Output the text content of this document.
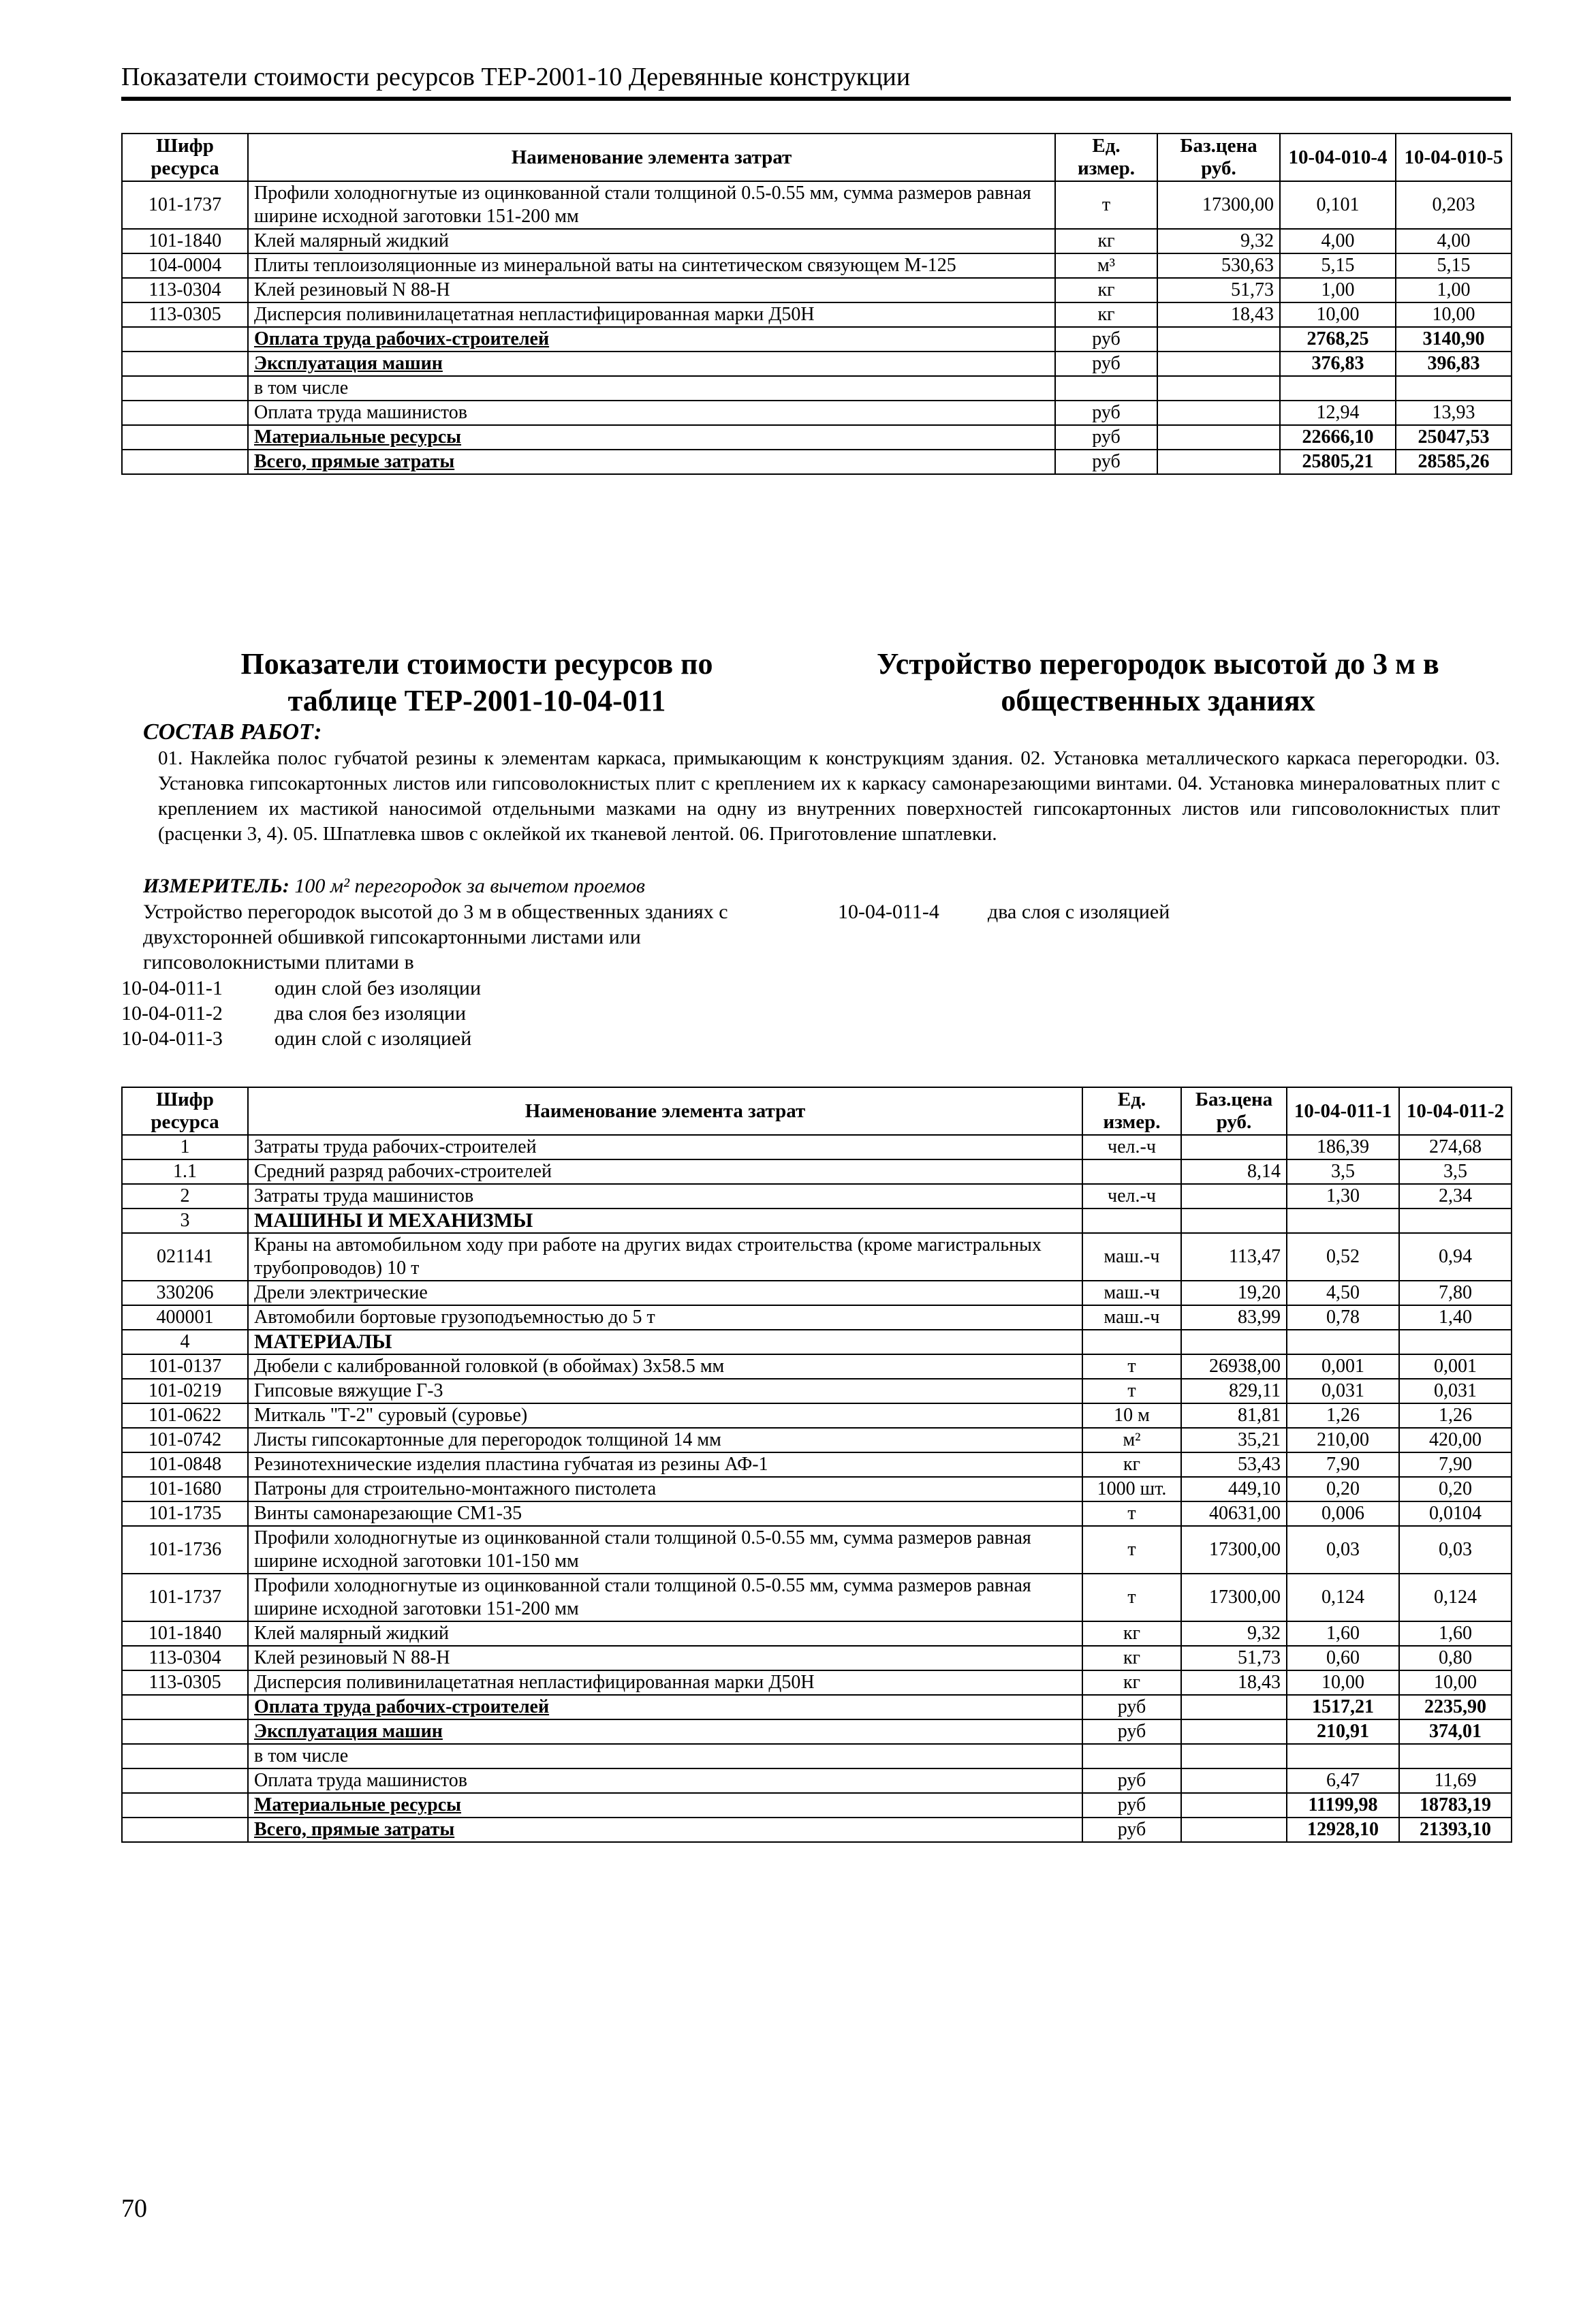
Показатели стоимости ресурсов ТЕР-2001-10 Деревянные конструкции
Шифр ресурса	Наименование элемента затрат	Ед. измер.	Баз.цена руб.	10-04-010-4	10-04-010-5
101-1737	Профили холодногнутые из оцинкованной стали толщиной 0.5-0.55 мм, сумма размеров равная ширине исходной заготовки 151-200 мм	т	17300,00	0,101	0,203
101-1840	Клей малярный жидкий	кг	9,32	4,00	4,00
104-0004	Плиты теплоизоляционные из минеральной ваты на синтетическом связующем М-125	м³	530,63	5,15	5,15
113-0304	Клей резиновый N 88-Н	кг	51,73	1,00	1,00
113-0305	Дисперсия поливинилацетатная непластифицированная марки Д50Н	кг	18,43	10,00	10,00
	Оплата труда рабочих-строителей	руб		2768,25	3140,90
	Эксплуатация машин	руб		376,83	396,83
	в том числе				
	Оплата труда машинистов	руб		12,94	13,93
	Материальные ресурсы	руб		22666,10	25047,53
	Всего, прямые затраты	руб		25805,21	28585,26
Показатели стоимости ресурсов по таблице ТЕР-2001-10-04-011
Устройство перегородок высотой до 3 м в общественных зданиях
СОСТАВ РАБОТ:
01. Наклейка полос губчатой резины к элементам каркаса, примыкающим к конструкциям здания. 02. Установка металлического каркаса перегородки. 03. Установка гипсокартонных листов или гипсоволокнистых плит с креплением их к каркасу самонарезающими винтами. 04. Установка минераловатных плит с креплением их мастикой наносимой отдельными мазками на одну из внутренних поверхностей гипсокартонных листов или гипсоволокнистых плит (расценки 3, 4). 05. Шпатлевка швов с оклейкой их тканевой лентой. 06. Приготовление шпатлевки.
ИЗМЕРИТЕЛЬ: 100 м² перегородок за вычетом проемов
Устройство перегородок высотой до 3 м в общественных зданиях с двухсторонней обшивкой гипсокартонными листами или гипсоволокнистыми плитами в
10-04-011-1	один слой без изоляции
10-04-011-2	два слоя без изоляции
10-04-011-3	один слой с изоляцией
10-04-011-4	два слоя с изоляцией
Шифр ресурса	Наименование элемента затрат	Ед. измер.	Баз.цена руб.	10-04-011-1	10-04-011-2
1	Затраты труда рабочих-строителей	чел.-ч		186,39	274,68
1.1	Средний разряд рабочих-строителей		8,14	3,5	3,5
2	Затраты труда машинистов	чел.-ч		1,30	2,34
3	МАШИНЫ И МЕХАНИЗМЫ				
021141	Краны на автомобильном ходу при работе на других видах строительства (кроме магистральных трубопроводов) 10 т	маш.-ч	113,47	0,52	0,94
330206	Дрели электрические	маш.-ч	19,20	4,50	7,80
400001	Автомобили бортовые грузоподъемностью до 5 т	маш.-ч	83,99	0,78	1,40
4	МАТЕРИАЛЫ				
101-0137	Дюбели с калиброванной головкой (в обоймах) 3х58.5 мм	т	26938,00	0,001	0,001
101-0219	Гипсовые вяжущие Г-3	т	829,11	0,031	0,031
101-0622	Миткаль "Т-2" суровый (суровье)	10 м	81,81	1,26	1,26
101-0742	Листы гипсокартонные для перегородок толщиной 14 мм	м²	35,21	210,00	420,00
101-0848	Резинотехнические изделия пластина губчатая из резины АФ-1	кг	53,43	7,90	7,90
101-1680	Патроны для строительно-монтажного пистолета	1000 шт.	449,10	0,20	0,20
101-1735	Винты самонарезающие СМ1-35	т	40631,00	0,006	0,0104
101-1736	Профили холодногнутые из оцинкованной стали толщиной 0.5-0.55 мм, сумма размеров равная ширине исходной заготовки 101-150 мм	т	17300,00	0,03	0,03
101-1737	Профили холодногнутые из оцинкованной стали толщиной 0.5-0.55 мм, сумма размеров равная ширине исходной заготовки 151-200 мм	т	17300,00	0,124	0,124
101-1840	Клей малярный жидкий	кг	9,32	1,60	1,60
113-0304	Клей резиновый N 88-Н	кг	51,73	0,60	0,80
113-0305	Дисперсия поливинилацетатная непластифицированная марки Д50Н	кг	18,43	10,00	10,00
	Оплата труда рабочих-строителей	руб		1517,21	2235,90
	Эксплуатация машин	руб		210,91	374,01
	в том числе				
	Оплата труда машинистов	руб		6,47	11,69
	Материальные ресурсы	руб		11199,98	18783,19
	Всего, прямые затраты	руб		12928,10	21393,10
70
